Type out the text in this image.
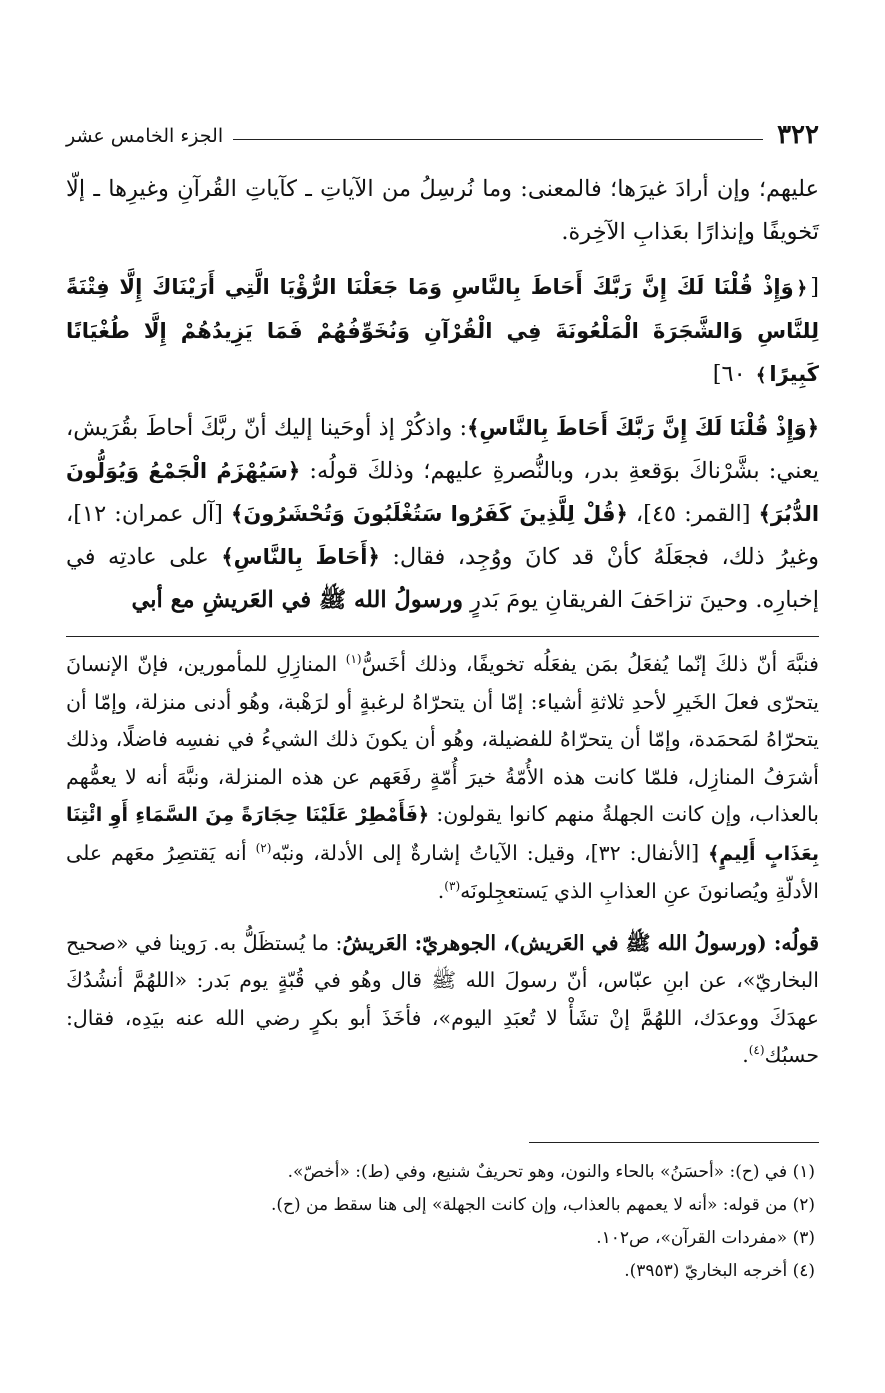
٣٢٢
الجزء الخامس عشر

عليهم؛ وإن أرادَ غيرَها؛ فالمعنى: وما نُرسِلُ من الآياتِ ـ كآياتِ القُرآنِ وغيرِها ـ إلّا تَخويفًا وإنذارًا بعَذابِ الآخِرة.

[﴿وَإِذْ قُلْنَا لَكَ إِنَّ رَبَّكَ أَحَاطَ بِالنَّاسِ وَمَا جَعَلْنَا الرُّؤْيَا الَّتِي أَرَيْنَاكَ إِلَّا فِتْنَةً لِلنَّاسِ وَالشَّجَرَةَ الْمَلْعُونَةَ فِي الْقُرْآنِ وَنُخَوِّفُهُمْ فَمَا يَزِيدُهُمْ إِلَّا طُغْيَانًا كَبِيرًا﴾ ٦٠]

﴿وَإِذْ قُلْنَا لَكَ إِنَّ رَبَّكَ أَحَاطَ بِالنَّاسِ﴾: واذكُرْ إذ أوحَينا إليك أنّ ربَّكَ أحاطَ بقُرَيش، يعني: بشَّرْناكَ بوَقعةِ بدر، وبالنُّصرةِ عليهم؛ وذلكَ قولُه: ﴿سَيُهْزَمُ الْجَمْعُ وَيُوَلُّونَ الدُّبُرَ﴾ [القمر: ٤٥]، ﴿قُلْ لِلَّذِينَ كَفَرُوا سَتُغْلَبُونَ وَتُحْشَرُونَ﴾ [آل عمران: ١٢]، وغيرُ ذلك، فجعَلَهُ كأنْ قد كانَ ووُجِد، فقال: ﴿أَحَاطَ بِالنَّاسِ﴾ على عادتِه في إخبارِه. وحينَ تزاحَفَ الفريقانِ يومَ بَدرٍ ورسولُ الله ﷺ في العَريشِ مع أبي

فنبَّهَ أنّ ذلكَ إنّما يُفعَلُ بمَن يفعَلُه تخويفًا، وذلك أخَسُّ$^{(١)}$ المنازِلِ للمأمورين، فإنّ الإنسانَ يتحرّى فعلَ الخَيرِ لأحدِ ثلاثةِ أشياء: إمّا أن يتحرّاهُ لرغبةٍ أو لرَهْبة، وهُو أدنى منزلة، وإمّا أن يتحرّاهُ لمَحمَدة، وإمّا أن يتحرّاهُ للفضيلة، وهُو أن يكونَ ذلك الشيءُ في نفسِه فاضلًا، وذلك أشرَفُ المنازِل، فلمّا كانت هذه الأُمّةُ خيرَ أُمّةٍ رفَعَهم عن هذه المنزلة، ونبَّهَ أنه لا يعمُّهم بالعذاب، وإن كانت الجهلةُ منهم كانوا يقولون: ﴿فَأَمْطِرْ عَلَيْنَا حِجَارَةً مِنَ السَّمَاءِ أَوِ ائْتِنَا بِعَذَابٍ أَلِيمٍ﴾ [الأنفال: ٣٢]، وقيل: الآياتُ إشارةٌ إلى الأدلة، ونبّه$^{(٢)}$ أنه يَقتصِرُ معَهم على الأدلّةِ ويُصانونَ عنِ العذابِ الذي يَستعجِلونَه$^{(٣)}$.

قولُه: (ورسولُ الله ﷺ في العَريش)، الجوهريّ: العَريشُ: ما يُستظَلُّ به. رَوينا في «صحيح البخاريّ»، عن ابنِ عبّاس، أنّ رسولَ الله ﷺ قال وهُو في قُبّةٍ يوم بَدر: «اللهُمَّ أنشُدُكَ عهدَكَ ووعدَك، اللهُمَّ إنْ تشَأْ لا تُعبَدِ اليوم»، فأخَذَ أبو بكرٍ رضي الله عنه بيَدِه، فقال: حسبُك$^{(٤)}$.

(١) في (ح): «أحسَنُ» بالحاء والنون، وهو تحريفٌ شنيع، وفي (ط): «أخصّ».

(٢) من قوله: «أنه لا يعمهم بالعذاب، وإن كانت الجهلة» إلى هنا سقط من (ح).

(٣) «مفردات القرآن»، ص١٠٢.

(٤) أخرجه البخاريّ (٣٩٥٣).
